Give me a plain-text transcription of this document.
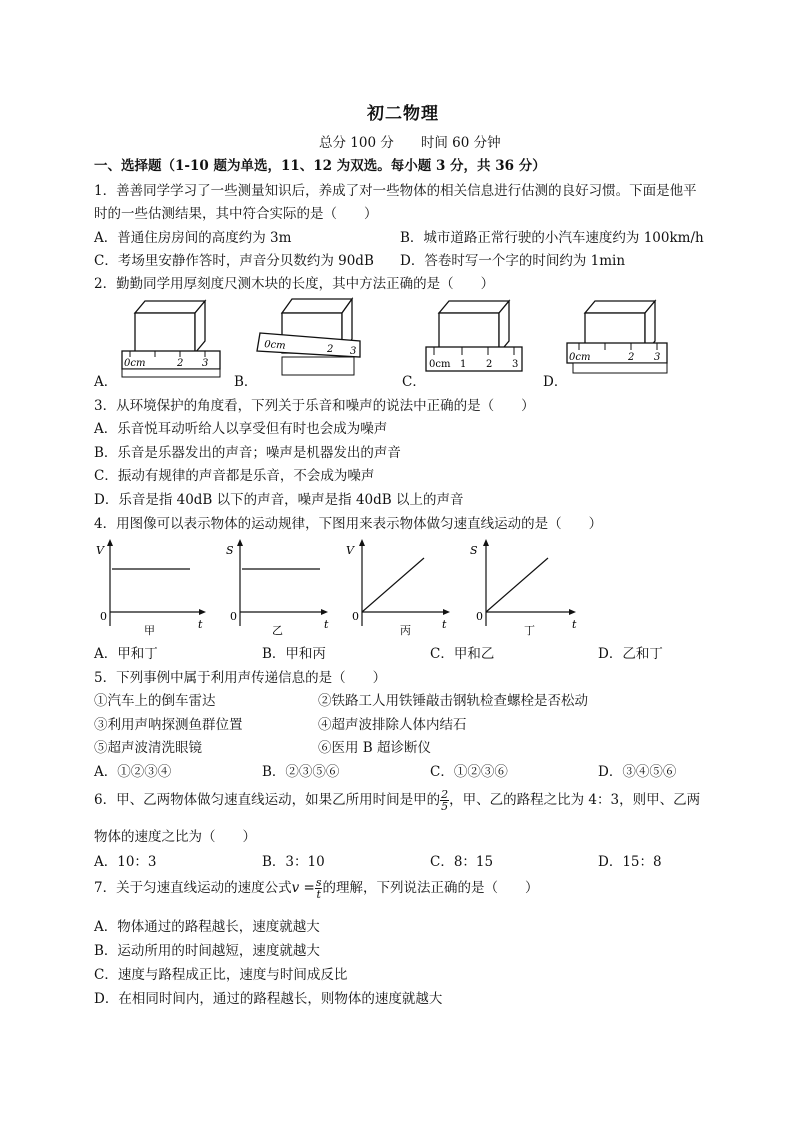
初二物理
总分 100 分　　时间 60 分钟
一、选择题（1-10 题为单选，11、12 为双选。每小题 3 分，共 36 分）
1．善善同学学习了一些测量知识后，养成了对一些物体的相关信息进行估测的良好习惯。下面是他平
时的一些估测结果，其中符合实际的是（　　）
A．普通住房房间的高度约为 3m	B．城市道路正常行驶的小汽车速度约为 100km/h
C．考场里安静作答时，声音分贝数约为 90dB D．答卷时写一个字的时间约为 1min
2．勤勤同学用厚刻度尺测木块的长度，其中方法正确的是（　　）
0cm	2 3
A．
0cm	2 3
B．
0cm 1 2 3
C．
0cm	2 3
D．
3．从环境保护的角度看，下列关于乐音和噪声的说法中正确的是（　　）
A．乐音悦耳动听给人以享受但有时也会成为噪声
B．乐音是乐器发出的声音；噪声是机器发出的声音
C．振动有规律的声音都是乐音，不会成为噪声
D．乐音是指 40dB 以下的声音，噪声是指 40dB 以上的声音
4．用图像可以表示物体的运动规律，下图用来表示物体做匀速直线运动的是（　　）
V
0
t
甲
S
0
t
乙
V
0
t
丙
S
0
t
丁
A．甲和丁	B．甲和丙	C．甲和乙	D．乙和丁
5．下列事例中属于利用声传递信息的是（　　）
①汽车上的倒车雷达	②铁路工人用铁锤敲击钢轨检查螺栓是否松动
③利用声呐探测鱼群位置	④超声波排除人体内结石
⑤超声波清洗眼镜	⑥医用 B 超诊断仪
A．①②③④	B．②③⑤⑥	C．①②③⑥	D．③④⑤⑥
6．甲、乙两物体做匀速直线运动，如果乙所用时间是甲的 $\frac{2}{5}$ ，甲、乙的路程之比为 4：3，则甲、乙两
物体的速度之比为（　　）
A．10：3	B．3：10	C．8：15	D．15：8
7．关于匀速直线运动的速度公式$v = \frac{s}{t}$ 的理解，下列说法正确的是（　　）
A．物体通过的路程越长，速度就越大
B．运动所用的时间越短，速度就越大
C．速度与路程成正比，速度与时间成反比
D．在相同时间内，通过的路程越长，则物体的速度就越大
